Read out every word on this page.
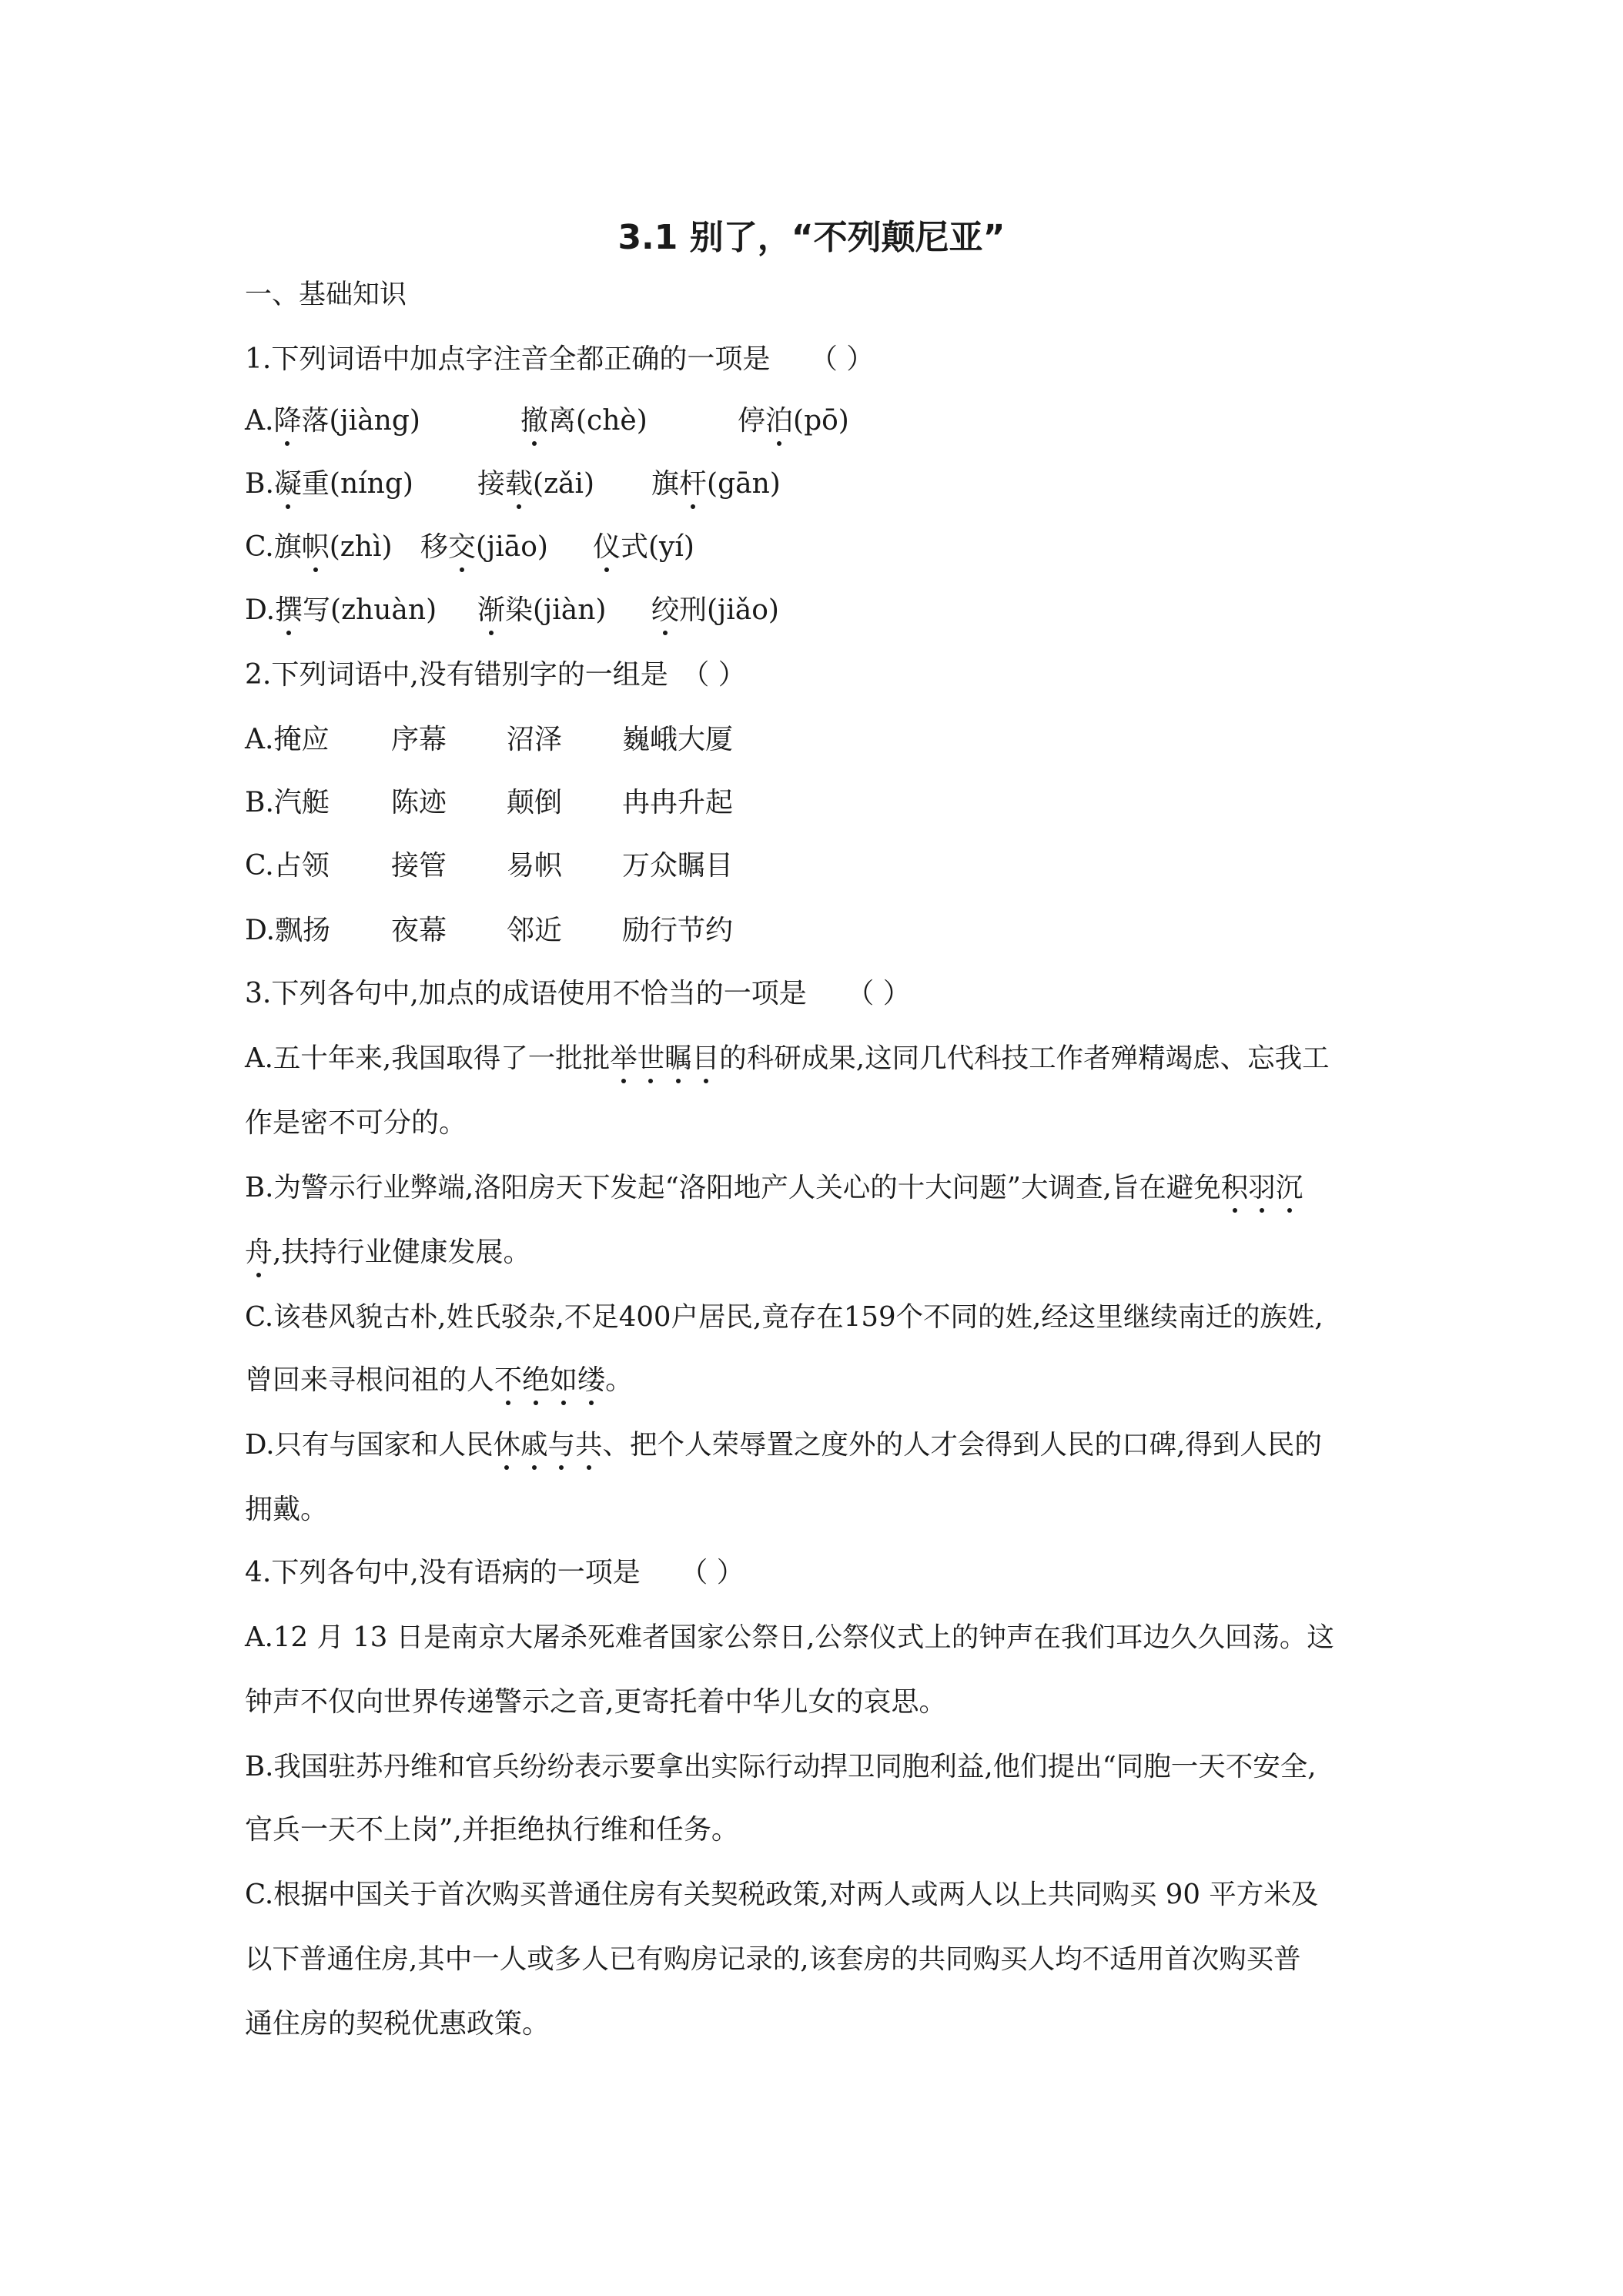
3.1 别了，“不列颠尼亚”
一、基础知识
1.下列词语中加点字注音全都正确的一项是 （ ）
A.降落(jiàng)	撤离(chè)	停泊(pō)
B.凝重(níng) 接载(zǎi) 旗杆(gān)
C.旗帜(zhì) 移交(jiāo) 仪式(yí)
D.撰写(zhuàn) 渐染(jiàn) 绞刑(jiǎo)
2.下列词语中,没有错别字的一组是 （ ）
A.掩应 序幕 沼泽 巍峨大厦
B.汽艇 陈迹 颠倒 冉冉升起
C.占领 接管 易帜 万众瞩目
D.飘扬 夜幕 邻近 励行节约
3.下列各句中,加点的成语使用不恰当的一项是 （ ）
A.五十年来,我国取得了一批批举世瞩目的科研成果,这同几代科技工作者殚精竭虑、忘我工
作是密不可分的。
B.为警示行业弊端,洛阳房天下发起“洛阳地产人关心的十大问题”大调查,旨在避免积羽沉
舟,扶持行业健康发展。
C.该巷风貌古朴,姓氏驳杂,不足400户居民,竟存在159个不同的姓,经这里继续南迁的族姓,
曾回来寻根问祖的人不绝如缕。
D.只有与国家和人民休戚与共、把个人荣辱置之度外的人才会得到人民的口碑,得到人民的
拥戴。
4.下列各句中,没有语病的一项是 （ ）
A.12 月 13 日是南京大屠杀死难者国家公祭日,公祭仪式上的钟声在我们耳边久久回荡。这
钟声不仅向世界传递警示之音,更寄托着中华儿女的哀思。
B.我国驻苏丹维和官兵纷纷表示要拿出实际行动捍卫同胞利益,他们提出“同胞一天不安全,
官兵一天不上岗”,并拒绝执行维和任务。
C.根据中国关于首次购买普通住房有关契税政策,对两人或两人以上共同购买 90 平方米及
以下普通住房,其中一人或多人已有购房记录的,该套房的共同购买人均不适用首次购买普
通住房的契税优惠政策。
